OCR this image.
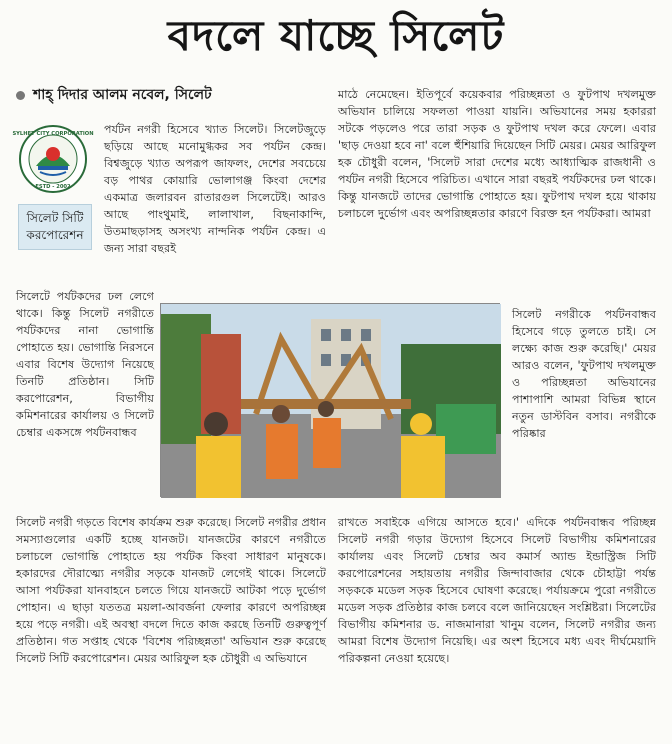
বদলে যাচ্ছে সিলেট
শাহ্ দিদার আলম নবেল, সিলেট
SYLHET CITY CORPORATION
ESTD - 2002
সিলেট সিটি করপোরেশন
পর্যটন নগরী হিসেবে খ্যাত সিলেট। সিলেটজুড়ে ছড়িয়ে আছে মনোমুগ্ধকর সব পর্যটন কেন্দ্র। বিশ্বজুড়ে খ্যাত অপরূপ জাফলং, দেশের সবচেয়ে বড় পাথর কোয়ারি ভোলাগঞ্জ কিংবা দেশের একমাত্র জলারবন রাতারগুল সিলেটেই। আরও আছে পাংথুমাই, লালাখাল, বিছনাকান্দি, উতমাছড়াসহ অসংখ্য নান্দনিক পর্যটন কেন্দ্র। এ জন্য সারা বছরই
সিলেটে পর্যটকদের ঢল লেগে থাকে। কিন্তু সিলেট নগরীতে পর্যটকদের নানা ভোগান্তি পোহাতে হয়। ভোগান্তি নিরসনে এবার বিশেষ উদ্যোগ নিয়েছে তিনটি প্রতিষ্ঠান। সিটি করপোরেশন, বিভাগীয় কমিশনারের কার্যালয় ও সিলেট চেম্বার একসঙ্গে পর্যটনবান্ধব
সিলেট নগরী গড়তে বিশেষ কার্যক্রম শুরু করেছে। সিলেট নগরীর প্রধান সমস্যাগুলোর একটি হচ্ছে যানজট। যানজটের কারণে নগরীতে চলাচলে ভোগান্তি পোহাতে হয় পর্যটক কিংবা সাধারণ মানুষকে। হকারদের দৌরাত্ম্যে নগরীর সড়কে যানজট লেগেই থাকে। সিলেটে আসা পর্যটকরা যানবাহনে চলতে গিয়ে যানজটে আটকা পড়ে দুর্ভোগ পোহান। এ ছাড়া যততত্র ময়লা-আবর্জনা ফেলার কারণে অপরিচ্ছন্ন হয়ে পড়ে নগরী। এই অবস্থা বদলে দিতে কাজ করছে তিনটি গুরুত্বপূর্ণ প্রতিষ্ঠান। গত সপ্তাহ থেকে 'বিশেষ পরিচ্ছন্নতা' অভিযান শুরু করেছে সিলেট সিটি করপোরেশন। মেয়র আরিফুল হক চৌধুরী এ অভিযানে
মাঠে নেমেছেন। ইতিপূর্বে কয়েকবার পরিচ্ছন্নতা ও ফুটপাথ দখলমুক্ত অভিযান চালিয়ে সফলতা পাওয়া যায়নি। অভিযানের সময় হকাররা সটকে পড়লেও পরে তারা সড়ক ও ফুটপাথ দখল করে ফেলে। এবার 'ছাড় দেওয়া হবে না' বলে হুঁশিয়ারি দিয়েছেন সিটি মেয়র। মেয়র আরিফুল হক চৌধুরী বলেন, 'সিলেট সারা দেশের মধ্যে আধ্যাত্মিক রাজধানী ও পর্যটন নগরী হিসেবে পরিচিত। এখানে সারা বছরই পর্যটকদের ঢল থাকে। কিন্তু যানজটে তাদের ভোগান্তি পোহাতে হয়। ফুটপাথ দখল হয়ে থাকায় চলাচলে দুর্ভোগ এবং অপরিচ্ছন্নতার কারণে বিরক্ত হন পর্যটকরা। আমরা
সিলেট নগরীকে পর্যটনবান্ধব হিসেবে গড়ে তুলতে চাই। সে লক্ষ্যে কাজ শুরু করেছি।' মেয়র আরও বলেন, 'ফুটপাথ দখলমুক্ত ও পরিচ্ছন্নতা অভিযানের পাশাপাশি আমরা বিভিন্ন স্থানে নতুন ডাস্টবিন বসাব। নগরীকে পরিষ্কার
রাখতে সবাইকে এগিয়ে আসতে হবে।' এদিকে পর্যটনবান্ধব পরিচ্ছন্ন সিলেট নগরী গড়ার উদ্যোগ হিসেবে সিলেট বিভাগীয় কমিশনারের কার্যালয় এবং সিলেট চেম্বার অব কমার্স অ্যান্ড ইন্ডাস্ট্রিজ সিটি করপোরেশনের সহায়তায় নগরীর জিন্দাবাজার থেকে চৌহাট্টা পর্যন্ত সড়ককে মডেল সড়ক হিসেবে ঘোষণা করেছে। পর্যায়ক্রমে পুরো নগরীতে মডেল সড়ক প্রতিষ্ঠার কাজ চলবে বলে জানিয়েছেন সংশ্লিষ্টরা। সিলেটের বিভাগীয় কমিশনার ড. নাজমানারা খানুম বলেন, সিলেট নগরীর জন্য আমরা বিশেষ উদ্যোগ নিয়েছি। এর অংশ হিসেবে মধ্য এবং দীর্ঘমেয়াদি পরিকল্পনা নেওয়া হয়েছে।
